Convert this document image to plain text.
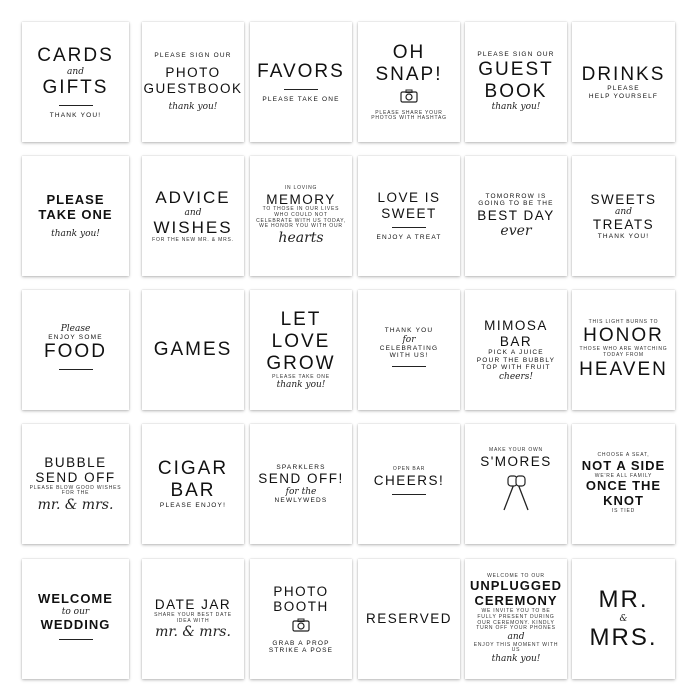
CARDS
and
GIFTS
THANK YOU!
PLEASE SIGN OUR
PHOTO
GUESTBOOK
thank you!
FAVORS
PLEASE TAKE ONE
OH
SNAP!
PLEASE SHARE YOUR PHOTOS WITH HASHTAG
PLEASE SIGN OUR
GUEST
BOOK
thank you!
DRINKS
PLEASE
HELP YOURSELF
PLEASE
TAKE ONE
thank you!
ADVICE
and
WISHES
FOR THE NEW MR. & MRS.
IN LOVING
MEMORY
TO THOSE IN OUR LIVES WHO COULD NOT CELEBRATE WITH US TODAY, WE HONOR YOU WITH OUR
hearts
LOVE IS
SWEET
ENJOY A TREAT
TOMORROW IS GOING TO BE THE
BEST DAY
ever
SWEETS
and
TREATS
THANK YOU!
Please
ENJOY SOME
FOOD GAMES
LET
LOVE
GROW
PLEASE TAKE ONE
thank you!
THANK YOU
for
CELEBRATING
WITH US!
MIMOSA
BAR
PICK A JUICE
POUR THE BUBBLY
TOP WITH FRUIT
cheers!
THIS LIGHT BURNS TO
HONOR
THOSE WHO ARE WATCHING TODAY FROM
HEAVEN
BUBBLE
SEND OFF
PLEASE BLOW GOOD WISHES FOR THE
mr. & mrs.
CIGAR
BAR
PLEASE ENJOY!
SPARKLERS
SEND OFF!
for the
NEWLYWEDS
OPEN BAR
CHEERS!
MAKE YOUR OWN
S'MORES	CHOOSE A SEAT,
NOT A SIDE
WE'RE ALL FAMILY
ONCE THE KNOT
IS TIED
WELCOME
to our
WEDDING
DATE JAR
SHARE YOUR BEST DATE IDEA WITH
mr. & mrs.
PHOTO
BOOTH
GRAB A PROP
STRIKE A POSE
RESERVED
WELCOME TO OUR
UNPLUGGED
CEREMONY
WE INVITE YOU TO BE FULLY PRESENT DURING OUR CEREMONY. KINDLY TURN OFF YOUR PHONES
and
ENJOY THIS MOMENT WITH US
thank you!
MR.
&
MRS.
